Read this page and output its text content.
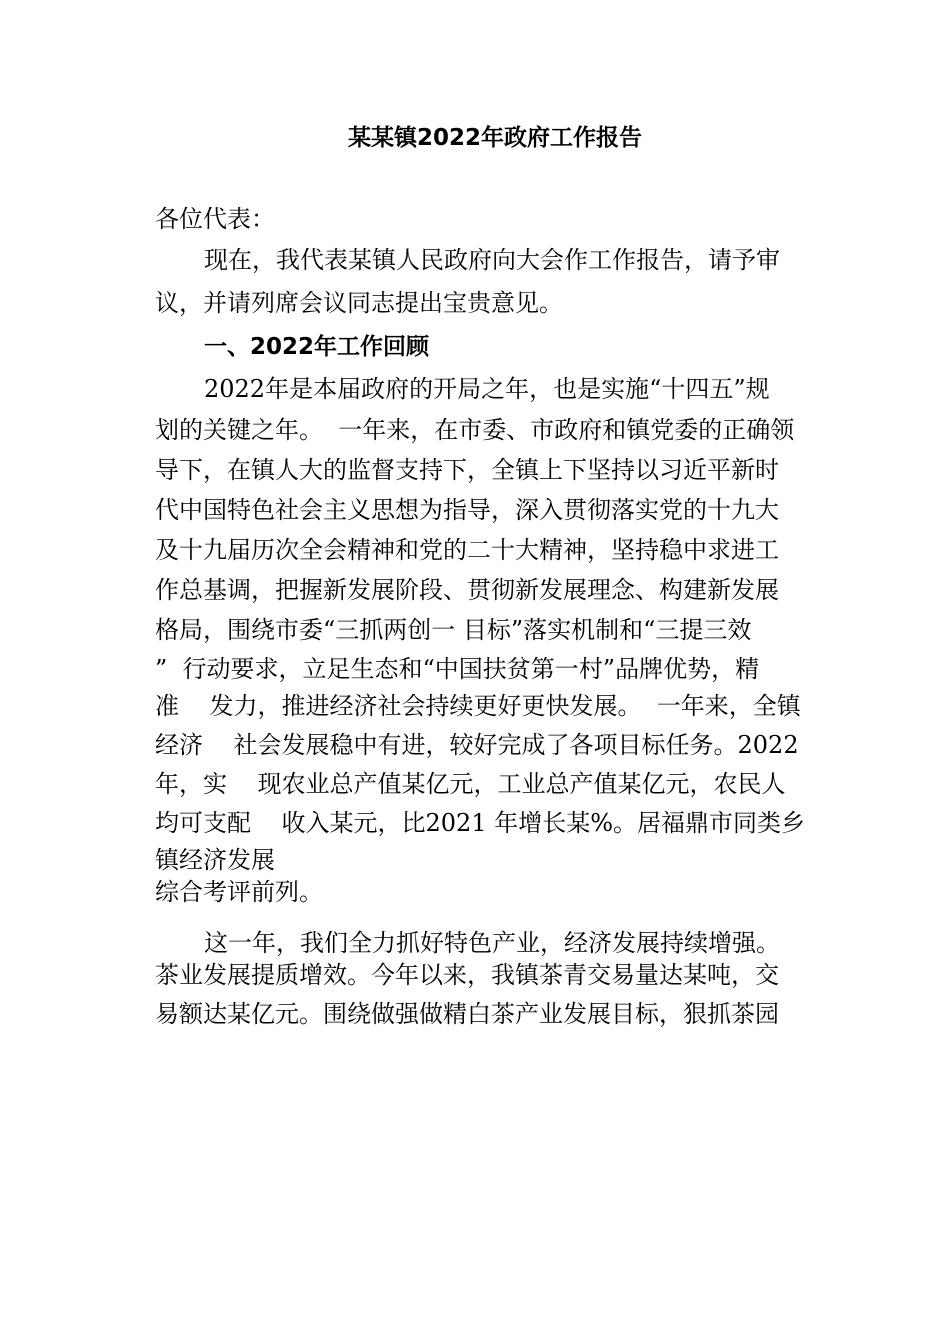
某某镇2022年政府工作报告
各位代表：
现在，我代表某镇人民政府向大会作工作报告，请予审
议，并请列席会议同志提出宝贵意见。
一、2022年工作回顾
2022年是本届政府的开局之年，也是实施“十四五”规
划的关键之年。  一年来，在市委、市政府和镇党委的正确领
导下，在镇人大的监督支持下，全镇上下坚持以习近平新时
代中国特色社会主义思想为指导，深入贯彻落实党的十九大
及十九届历次全会精神和党的二十大精神，坚持稳中求进工
作总基调，把握新发展阶段、贯彻新发展理念、构建新发展
格局，围绕市委“三抓两创一 目标”落实机制和“三提三效
”  行动要求，立足生态和“中国扶贫第一村”品牌优势，精
准    发力，推进经济社会持续更好更快发展。  一年来，全镇
经济    社会发展稳中有进，较好完成了各项目标任务。2022
年，实    现农业总产值某亿元，工业总产值某亿元，农民人
均可支配    收入某元，比2021 年增长某%。居福鼎市同类乡
镇经济发展
综合考评前列。
这一年，我们全力抓好特色产业，经济发展持续增强。
茶业发展提质增效。今年以来，我镇茶青交易量达某吨，交
易额达某亿元。围绕做强做精白茶产业发展目标，狠抓茶园
